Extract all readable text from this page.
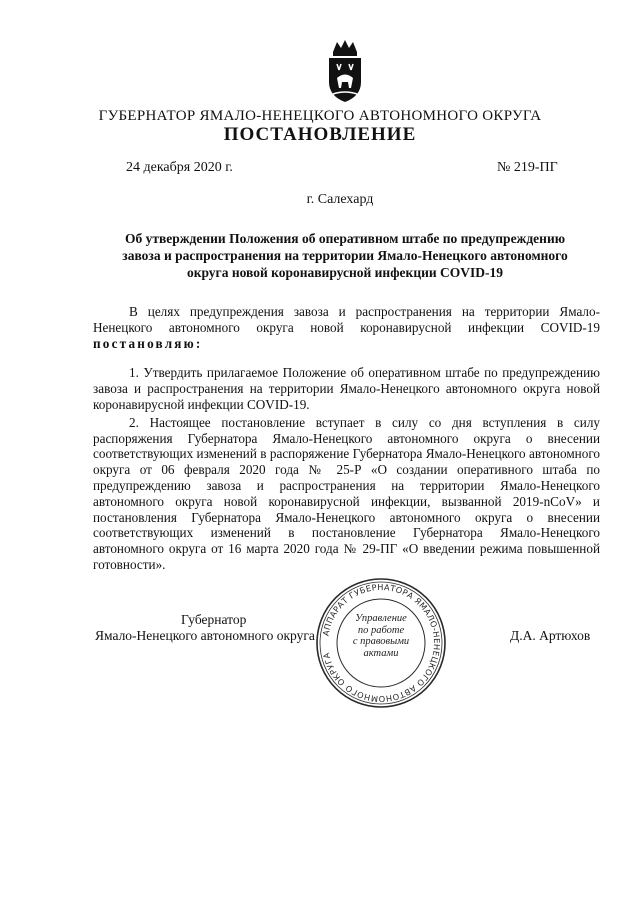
ГУБЕРНАТОР ЯМАЛО-НЕНЕЦКОГО АВТОНОМНОГО ОКРУГА
ПОСТАНОВЛЕНИЕ
24 декабря 2020 г.	№ 219-ПГ
г. Салехард
Об утверждении Положения об оперативном штабе по предупреждению
завоза и распространения на территории Ямало-Ненецкого автономного
округа новой коронавирусной инфекции COVID-19

В целях предупреждения завоза и распространения на территории Ямало-Ненецкого автономного округа новой коронавирусной инфекции COVID-19 постановляю:

1. Утвердить прилагаемое Положение об оперативном штабе по предупреждению завоза и распространения на территории Ямало-Ненецкого автономного округа новой коронавирусной инфекции COVID-19.

2. Настоящее постановление вступает в силу со дня вступления в силу распоряжения Губернатора Ямало-Ненецкого автономного округа о внесении соответствующих изменений в распоряжение Губернатора Ямало-Ненецкого автономного округа от 06 февраля 2020 года № 25-Р «О создании оперативного штаба по предупреждению завоза и распространения на территории Ямало-Ненецкого автономного округа новой коронавирусной инфекции, вызванной 2019-nCoV» и постановления Губернатора Ямало-Ненецкого автономного округа о внесении соответствующих изменений в постановление Губернатора Ямало-Ненецкого автономного округа от 16 марта 2020 года № 29-ПГ «О введении режима повышенной готовности».

Губернатор
Ямало-Ненецкого автономного округа	Д.А. Артюхов
АППАРАТ ГУБЕРНАТОРА ЯМАЛО-НЕНЕЦКОГО АВТОНОМНОГО ОКРУГА
Управление
по работе
с правовыми
актами
